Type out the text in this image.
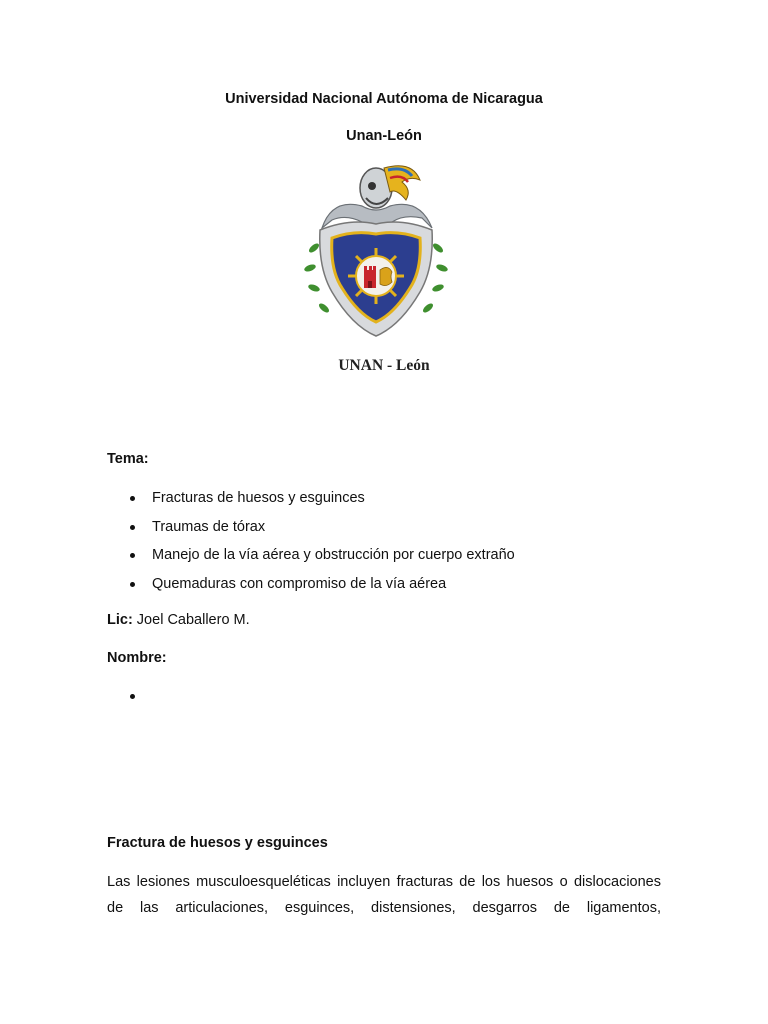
Universidad Nacional Autónoma de Nicaragua
Unan-León
UNAN - León
Tema:
Fracturas de huesos y esguinces
Traumas de tórax
Manejo de la vía aérea y obstrucción por cuerpo extraño
Quemaduras con compromiso de la vía aérea
Lic: Joel Caballero M.
Nombre:
Fractura de huesos y esguinces
Las lesiones musculoesqueléticas incluyen fracturas de los huesos o dislocaciones
de las articulaciones, esguinces, distensiones, desgarros de ligamentos,
